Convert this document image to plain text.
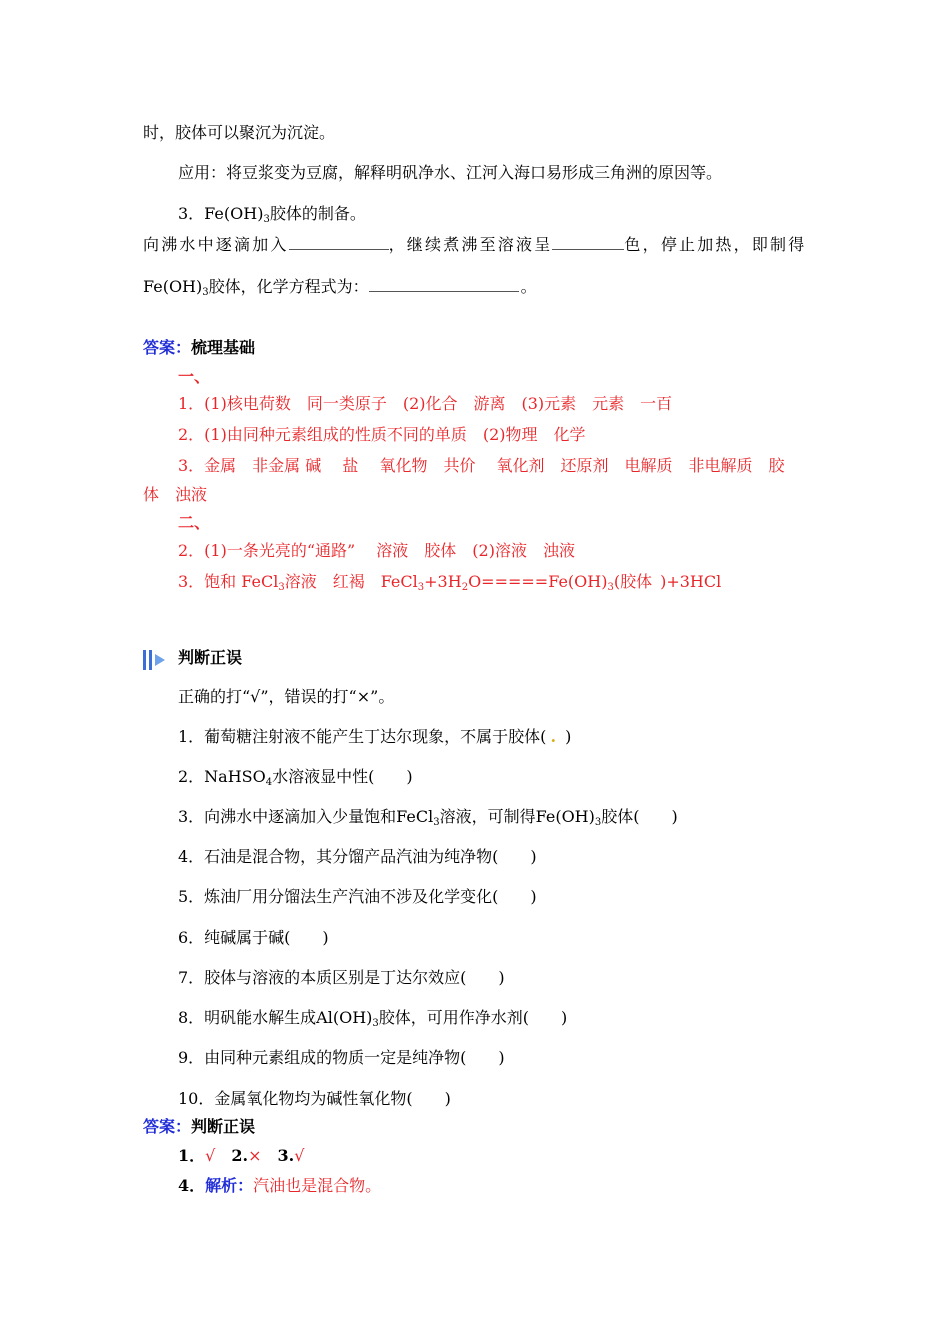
时，胶体可以聚沉为沉淀。
应用：将豆浆变为豆腐，解释明矾净水、江河入海口易形成三角洲的原因等。
3．$Fe(OH)_3$胶体的制备。
向沸水中逐滴加入	，继续煮沸至溶液呈	色，停止加热，即制得
$Fe(OH)_3$胶体，化学方程式为：	。
答案：梳理基础
一、
1．(1)核电荷数　同一类原子　(2)化合　游离　(3)元素　元素　一百
2．(1)由同种元素组成的性质不同的单质　(2)物理　化学
3．金属　非金属 碱　 盐　 氧化物　共价　 氧化剂　还原剂　电解质　非电解质　胶
体　浊液
二、
2．(1)一条光亮的“通路”　 溶液　胶体　(2)溶液　浊液
3．饱和 FeCl$_3$溶液　红褐　$FeCl_3+3H_2O=====Fe(OH)_3$(胶体　 )+3HCl
判断正误
正确的打“√”，错误的打“×”。
1．葡萄糖注射液不能产生丁达尔现象，不属于胶体( . )
2．NaHSO$_4$水溶液显中性(　　)
3．向沸水中逐滴加入少量饱和FeCl$_3$溶液，可制得$Fe(OH)_3$胶体(　　)
4．石油是混合物，其分馏产品汽油为纯净物(　　)
5．炼油厂用分馏法生产汽油不涉及化学变化(　　)
6．纯碱属于碱(　　)
7．胶体与溶液的本质区别是丁达尔效应(　　)
8．明矾能水解生成$Al(OH)_3$胶体，可用作净水剂(　　)
9．由同种元素组成的物质一定是纯净物(　　)
10．金属氧化物均为碱性氧化物(　　)
答案：判断正误
1．√　2.×　3.√
4．解析：汽油也是混合物。
